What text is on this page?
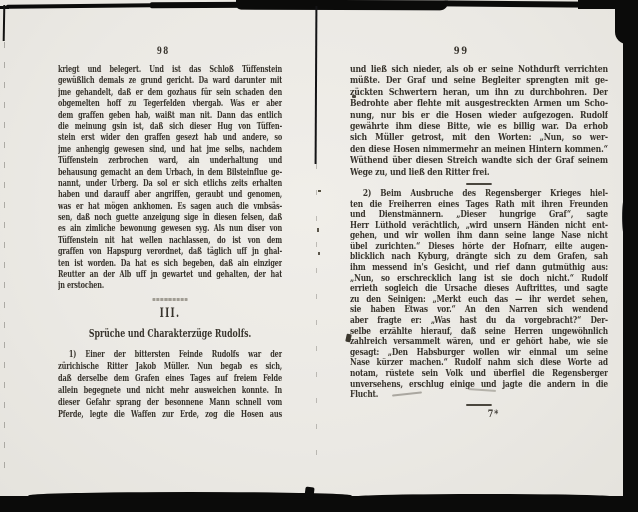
98
kriegt und belegert. Und ist das Schloß Tüffenstein
gewüßlich demals ze grund gericht. Da ward darunter mit
jme gehandelt, daß er dem gozhaus für sein schaden den
obgemelten hoff zu Tegerfelden vbergab. Was er aber
dem graffen geben hab, waißt man nit. Dann das entlich
die meinung gsin ist, daß sich dieser Hug von Tüffen-
stein erst wider den graffen gesezt hab und andere, so
jme anhengig gewesen sind, und hat jme selbs, nachdem
Tüffenstein zerbrochen ward, ain underhaltung und
behausung gemacht an dem Urbach, in dem Bilsteinflue ge-
nannt, under Urberg. Da sol er sich etlichs zeits erhalten
haben und darauff aber angriffen, geraubt und genomen,
was er hat mögen ankhomen. Es sagen auch die vmbsäs-
sen, daß noch guette anzeigung sige in diesen felsen, daß
es ain zimliche bewonung gewesen syg. Als nun diser von
Tüffenstein nit hat wellen nachlassen, do ist von dem
graffen von Hapspurg verordnet, daß täglich uff jn ghal-
ten ist worden. Da hat es sich begeben, daß ain einziger
Reutter an der Alb uff jn gewartet und gehalten, der hat
jn erstochen.
III.
Sprüche und Charakterzüge Rudolfs.
1) Einer der bittersten Feinde Rudolfs war der
zürichische Ritter Jakob Müller. Nun begab es sich,
daß derselbe dem Grafen eines Tages auf freiem Felde
allein begegnete und nicht mehr ausweichen konnte. In
dieser Gefahr sprang der besonnene Mann schnell vom
Pferde, legte die Waffen zur Erde, zog die Hosen aus
99
und ließ sich nieder, als ob er seine Nothdurft verrichten
müßte. Der Graf und seine Begleiter sprengten mit ge-
zückten Schwertern heran, um ihn zu durchbohren. Der
Bedrohte aber flehte mit ausgestreckten Armen um Scho-
nung, nur bis er die Hosen wieder aufgezogen. Rudolf
gewährte ihm diese Bitte, wie es billig war. Da erhob
sich Müller getrost, mit den Worten: „Nun, so wer-
den diese Hosen nimmermehr an meinen Hintern kommen.“
Wüthend über diesen Streich wandte sich der Graf seinem
Wege zu, und ließ den Ritter frei.
2) Beim Ausbruche des Regensberger Krieges hiel-
ten die Freiherren eines Tages Rath mit ihren Freunden
und Dienstmännern. „Dieser hungrige Graf“, sagte
Herr Lüthold verächtlich, „wird unsern Händen nicht ent-
gehen, und wir wollen ihm dann seine lange Nase nicht
übel zurichten.“ Dieses hörte der Hofnarr, eilte augen-
blicklich nach Kyburg, drängte sich zu dem Grafen, sah
ihm messend in's Gesicht, und rief dann gutmüthig aus:
„Nun, so erschrecklich lang ist sie doch nicht.“ Rudolf
errieth sogleich die Ursache dieses Auftrittes, und sagte
zu den Seinigen: „Merkt euch das — ihr werdet sehen,
sie haben Etwas vor.“ An den Narren sich wendend
aber fragte er: „Was hast du da vorgebracht?“ Der-
selbe erzählte hierauf, daß seine Herren ungewöhnlich
zahlreich versammelt wären, und er gehört habe, wie sie
gesagt: „Den Habsburger wollen wir einmal um seine
Nase kürzer machen.“ Rudolf nahm sich diese Worte ad
notam, rüstete sein Volk und überfiel die Regensberger
unversehens, erschlug einige und jagte die andern in die
Flucht.
7*
